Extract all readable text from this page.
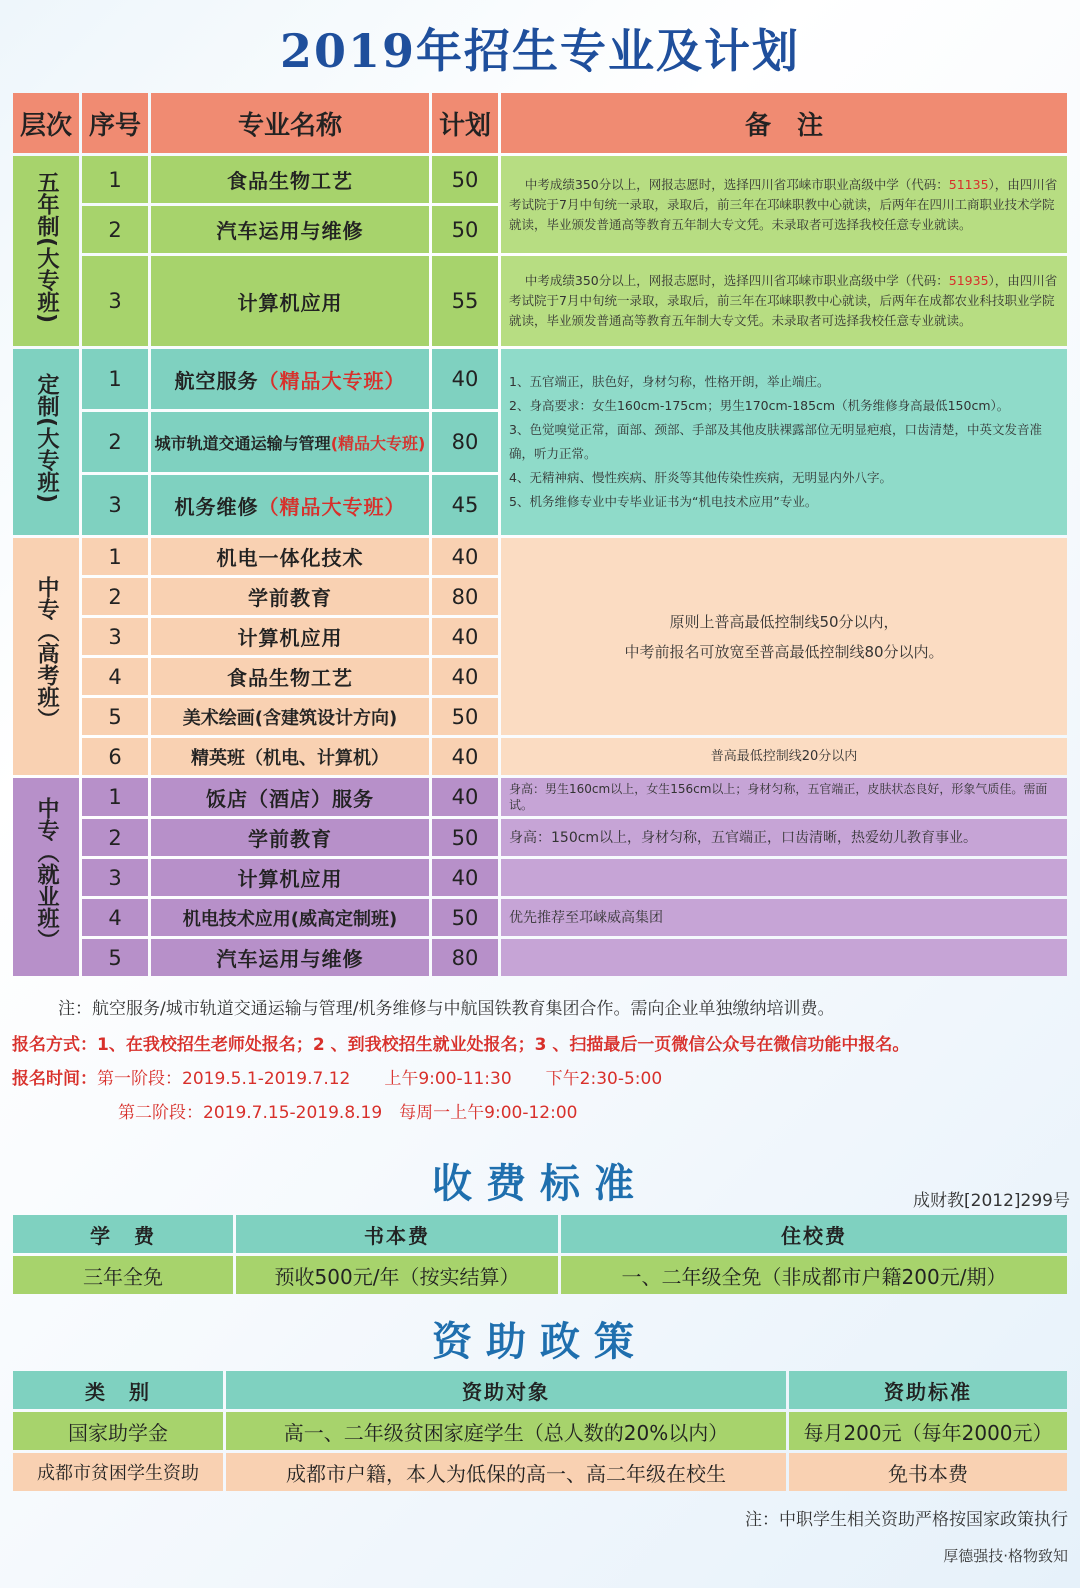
2019年招生专业及计划
层次	序号	专业名称	计划	备　注
五年制(大专班)	1	食品生物工艺	50	中考成绩350分以上，网报志愿时，选择四川省邛崃市职业高级中学（代码：51135），由四川省考试院于7月中旬统一录取，录取后，前三年在邛崃职教中心就读，后两年在四川工商职业技术学院就读，毕业颁发普通高等教育五年制大专文凭。未录取者可选择我校任意专业就读。
	2	汽车运用与维修	50	
	3	计算机应用	55	中考成绩350分以上，网报志愿时，选择四川省邛崃市职业高级中学（代码：51935），由四川省考试院于7月中旬统一录取，录取后，前三年在邛崃职教中心就读，后两年在成都农业科技职业学院就读，毕业颁发普通高等教育五年制大专文凭。未录取者可选择我校任意专业就读。
定制(大专班)	1	航空服务（精品大专班）	40	1、五官端正，肤色好，身材匀称，性格开朗，举止端庄。
2、身高要求：女生160cm-175cm；男生170cm-185cm（机务维修身高最低150cm）。
3、色觉嗅觉正常，面部、颈部、手部及其他皮肤裸露部位无明显疤痕，口齿清楚，中英文发音准确，听力正常。
4、无精神病、慢性疾病、肝炎等其他传染性疾病，无明显内外八字。
5、机务维修专业中专毕业证书为“机电技术应用”专业。

	2	城市轨道交通运输与管理(精品大专班)	80	
	3	机务维修（精品大专班）	45	
中专（高考班）	1	机电一体化技术	40	原则上普高最低控制线50分以内，
中考前报名可放宽至普高最低控制线80分以内。

	2	学前教育	80	
	3	计算机应用	40	
	4	食品生物工艺	40	
	5	美术绘画(含建筑设计方向)	50	
	6	精英班（机电、计算机）	40	普高最低控制线20分以内
中专（就业班）	1	饭店（酒店）服务	40	身高：男生160cm以上，女生156cm以上；身材匀称，五官端正，皮肤状态良好，形象气质佳。需面试。
	2	学前教育	50	身高：150cm以上，身材匀称，五官端正，口齿清晰，热爱幼儿教育事业。
	3	计算机应用	40	
	4	机电技术应用(威高定制班)	50	优先推荐至邛崃威高集团
	5	汽车运用与维修	80	
注：航空服务/城市轨道交通运输与管理/机务维修与中航国铁教育集团合作。需向企业单独缴纳培训费。
报名方式：1、在我校招生老师处报名；2 、到我校招生就业处报名；3 、扫描最后一页微信公众号在微信功能中报名。
报名时间：第一阶段：2019.5.1-2019.7.12　　上午9:00-11:30　　下午2:30-5:00
第二阶段：2019.7.15-2019.8.19　每周一上午9:00-12:00
收费标准	成财教[2012]299号
学　费	书本费	住校费
三年全免	预收500元/年（按实结算）	一、二年级全免（非成都市户籍200元/期）
资助政策
类　别	资助对象	资助标准
国家助学金	高一、二年级贫困家庭学生（总人数的20%以内）	每月200元（每年2000元）
成都市贫困学生资助	成都市户籍，本人为低保的高一、高二年级在校生	免书本费
注：中职学生相关资助严格按国家政策执行
厚德强技·格物致知
